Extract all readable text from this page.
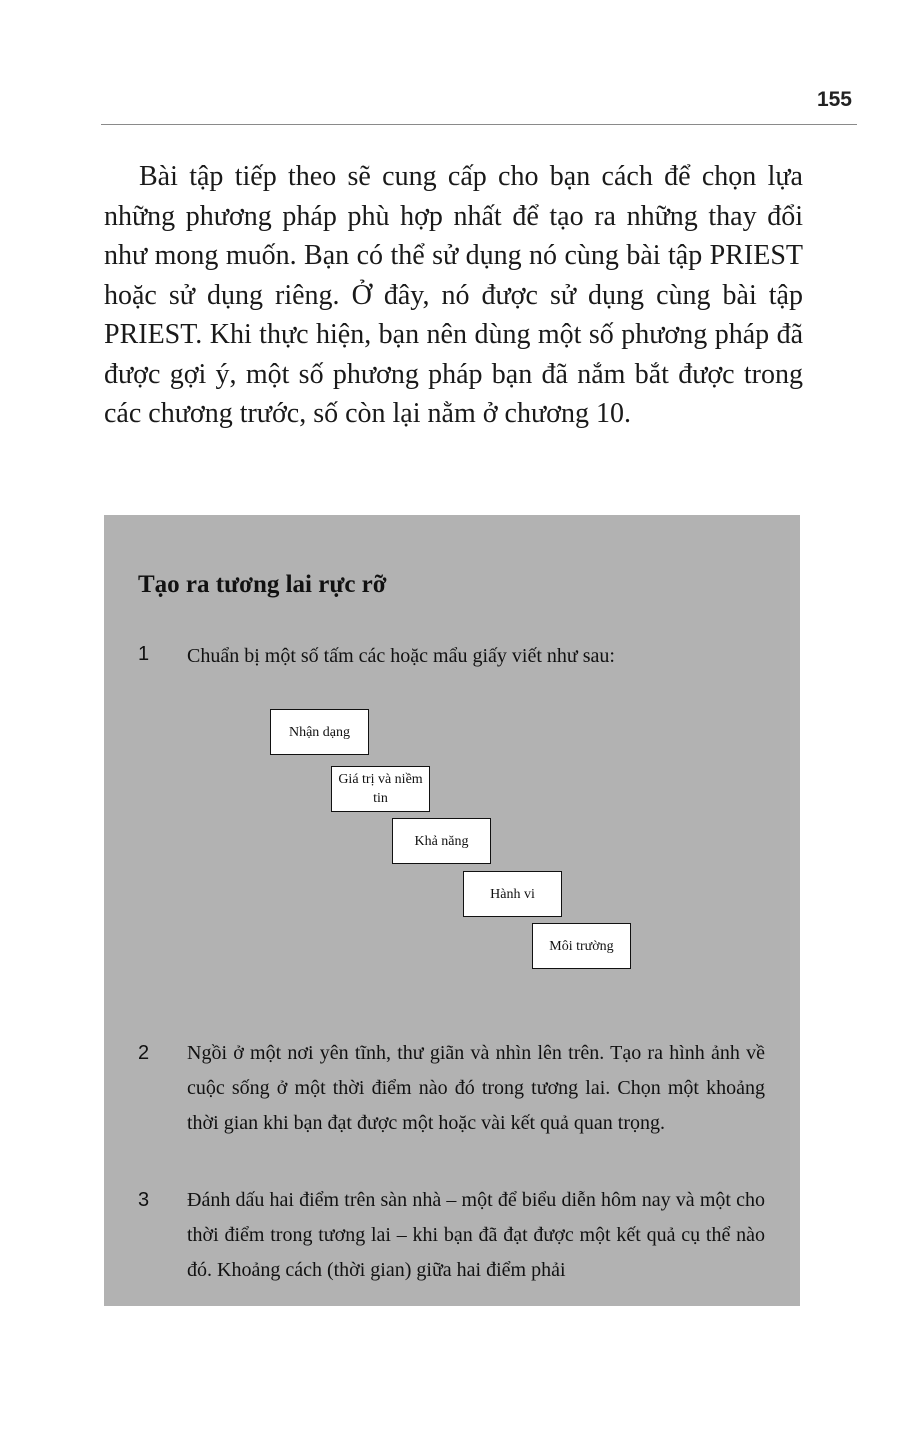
155

Bài tập tiếp theo sẽ cung cấp cho bạn cách để chọn lựa những phương pháp phù hợp nhất để tạo ra những thay đổi như mong muốn. Bạn có thể sử dụng nó cùng bài tập PRIEST hoặc sử dụng riêng. Ở đây, nó được sử dụng cùng bài tập PRIEST. Khi thực hiện, bạn nên dùng một số phương pháp đã được gợi ý, một số phương pháp bạn đã nắm bắt được trong các chương trước, số còn lại nằm ở chương 10.

Tạo ra tương lai rực rỡ
1 Chuẩn bị một số tấm các hoặc mẩu giấy viết như sau:

Nhận dạng
Giá trị và niềm tin
Khả năng
Hành vi
Môi trường
2 Ngồi ở một nơi yên tĩnh, thư giãn và nhìn lên trên. Tạo ra hình ảnh về cuộc sống ở một thời điểm nào đó trong tương lai. Chọn một khoảng thời gian khi bạn đạt được một hoặc vài kết quả quan trọng.

3 Đánh dấu hai điểm trên sàn nhà – một để biểu diễn hôm nay và một cho thời điểm trong tương lai – khi bạn đã đạt được một kết quả cụ thể nào đó. Khoảng cách (thời gian) giữa hai điểm phải
